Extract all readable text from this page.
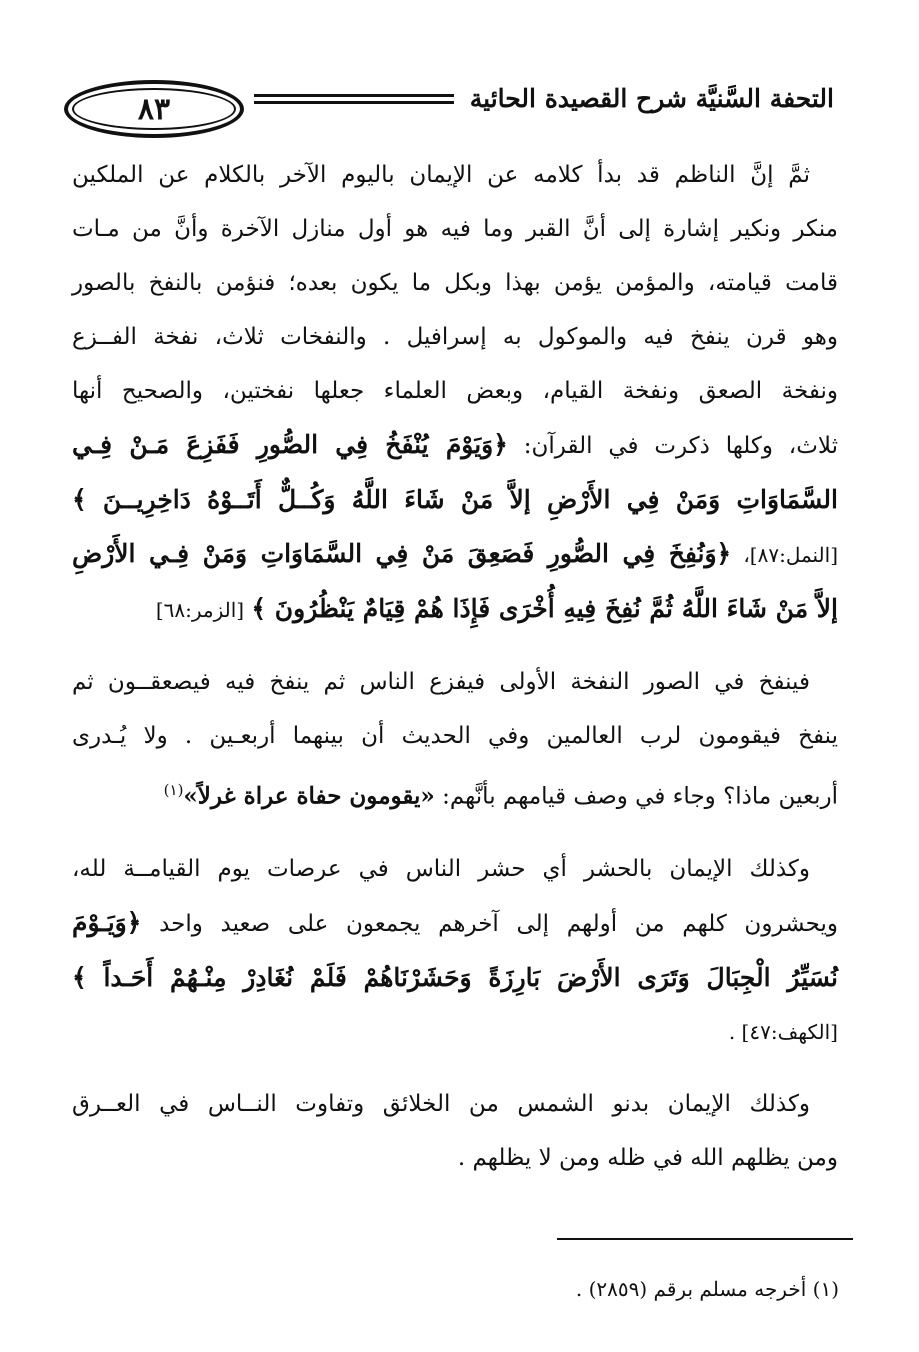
التحفة السَّنيَّة شرح القصيدة الحائية
٨٣

ثمَّ إنَّ الناظم قد بدأ كلامه عن الإيمان باليوم الآخر بالكلام عن الملكين
منكر ونكير إشارة إلى أنَّ القبر وما فيه هو أول منازل الآخرة وأنَّ من مـات
قامت قيامته، والمؤمن يؤمن بهذا وبكل ما يكون بعده؛ فنؤمن بالنفخ بالصور
وهو قرن ينفخ فيه والموكول به إسرافيل . والنفخات ثلاث، نفخة الفــزع
ونفخة الصعق ونفخة القيام، وبعض العلماء جعلها نفختين، والصحيح أنها
ثلاث، وكلها ذكرت في القرآن: ﴿وَيَوْمَ يُنْفَخُ فِي الصُّورِ فَفَزِعَ مَـنْ فِـي
السَّمَاوَاتِ وَمَنْ فِي الأَرْضِ إلاَّ مَنْ شَاءَ اللَّهُ وَكُــلٌّ أَتَــوْهُ دَاخِرِيــنَ ﴾
[النمل:٨٧]، ﴿وَنُفِخَ فِي الصُّورِ فَصَعِقَ مَنْ فِي السَّمَاوَاتِ وَمَنْ فِـي الأَرْضِ
إلاَّ مَنْ شَاءَ اللَّهُ ثُمَّ نُفِخَ فِيهِ أُخْرَى فَإِذَا هُمْ قِيَامٌ يَنْظُرُونَ ﴾ [الزمر:٦٨]

فينفخ في الصور النفخة الأولى فيفزع الناس ثم ينفخ فيه فيصعقــون ثم
ينفخ فيقومون لرب العالمين وفي الحديث أن بينهما أربعـين . ولا يُـدرى
أربعين ماذا؟ وجاء في وصف قيامهم بأنَّهم: «يقومون حفاة عراة غرلاً»$^{(١)}$

وكذلك الإيمان بالحشر أي حشر الناس في عرصات يوم القيامــة لله،
ويحشرون كلهم من أولهم إلى آخرهم يجمعون على صعيد واحد ﴿وَيَـوْمَ
نُسَيِّرُ الْجِبَالَ وَتَرَى الأَرْضَ بَارِزَةً وَحَشَرْنَاهُمْ فَلَمْ نُغَادِرْ مِنْـهُمْ أَحَـداً ﴾
[الكهف:٤٧] .

وكذلك الإيمان بدنو الشمس من الخلائق وتفاوت النــاس في العــرق
ومن يظلهم الله في ظله ومن لا يظلهم .

(١) أخرجه مسلم برقم (٢٨٥٩) .
